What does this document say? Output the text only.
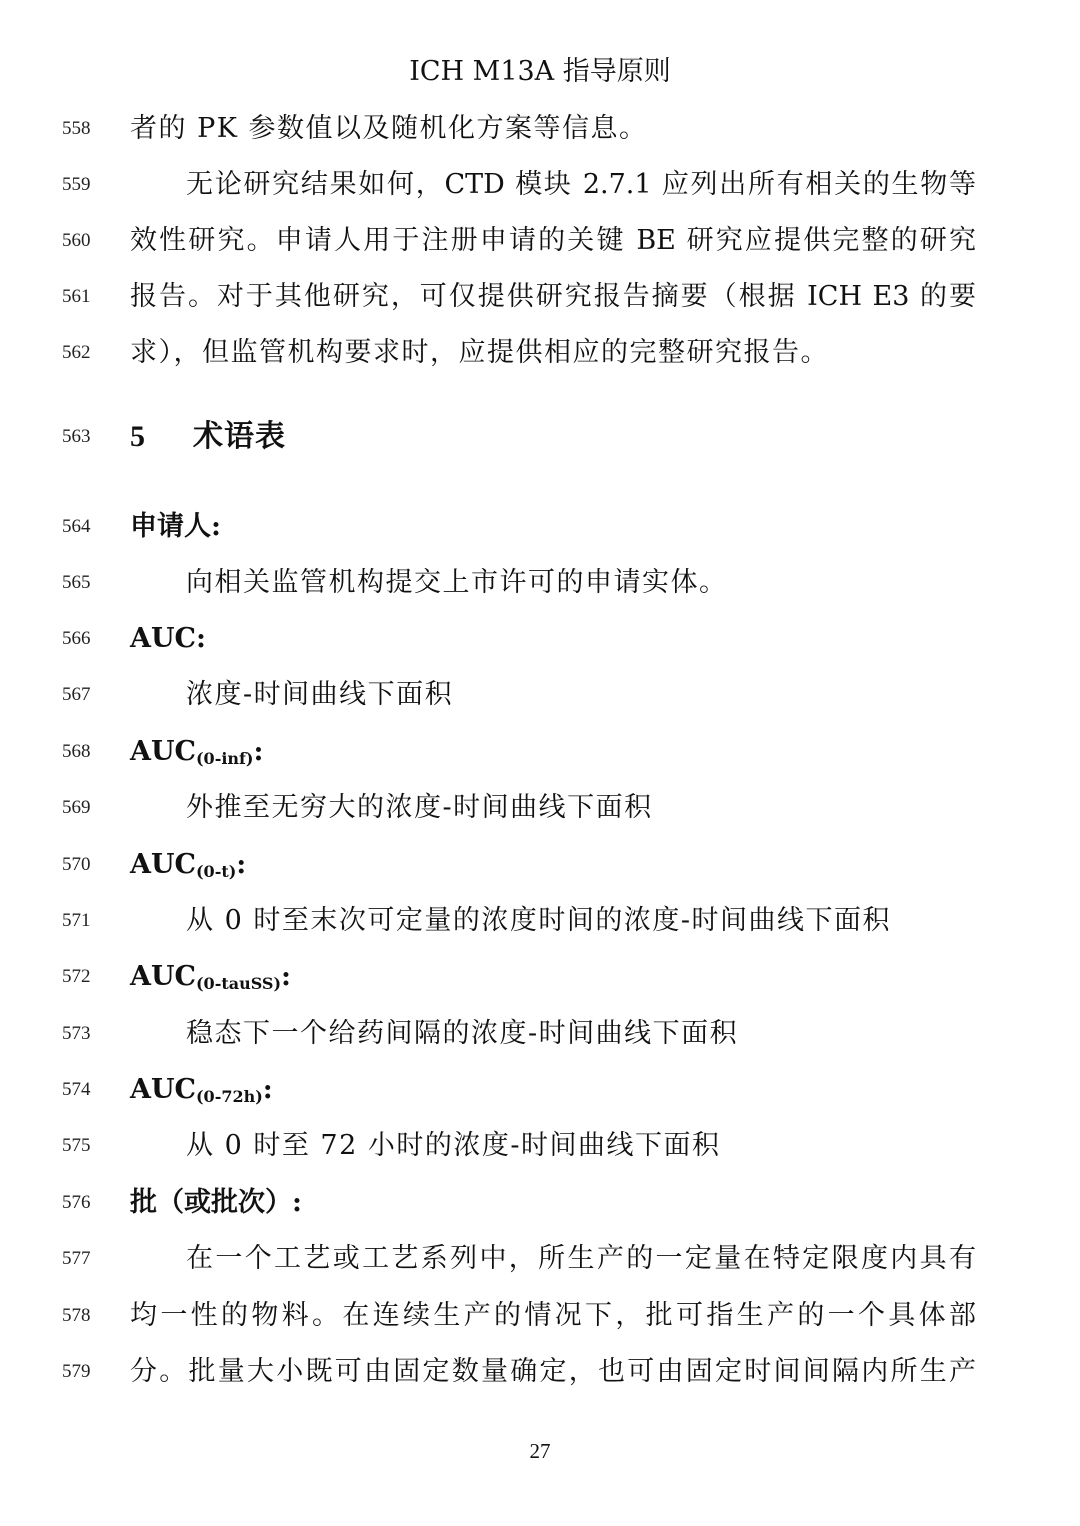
ICH M13A 指导原则
558	者的 PK 参数值以及随机化方案等信息。
559	无论研究结果如何，CTD 模块 2.7.1 应列出所有相关的生物等
560	效性研究。申请人用于注册申请的关键 BE 研究应提供完整的研究
561	报告。对于其他研究，可仅提供研究报告摘要（根据 ICH E3 的要
562	求），但监管机构要求时，应提供相应的完整研究报告。
563	5 术语表
564	申请人:
565	向相关监管机构提交上市许可的申请实体。
566	AUC:
567	浓度-时间曲线下面积
568	$AUC_{(0-inf)}$:
569	外推至无穷大的浓度-时间曲线下面积
570	$AUC_{(0-t)}$:
571	从 0 时至末次可定量的浓度时间的浓度-时间曲线下面积
572	$AUC_{(0-tauSS)}$:
573	稳态下一个给药间隔的浓度-时间曲线下面积
574	$AUC_{(0-72h)}$:
575	从 0 时至 72 小时的浓度-时间曲线下面积
576	批（或批次）:
577	在一个工艺或工艺系列中，所生产的一定量在特定限度内具有
578	均一性的物料。在连续生产的情况下，批可指生产的一个具体部
579	分。批量大小既可由固定数量确定，也可由固定时间间隔内所生产
27
